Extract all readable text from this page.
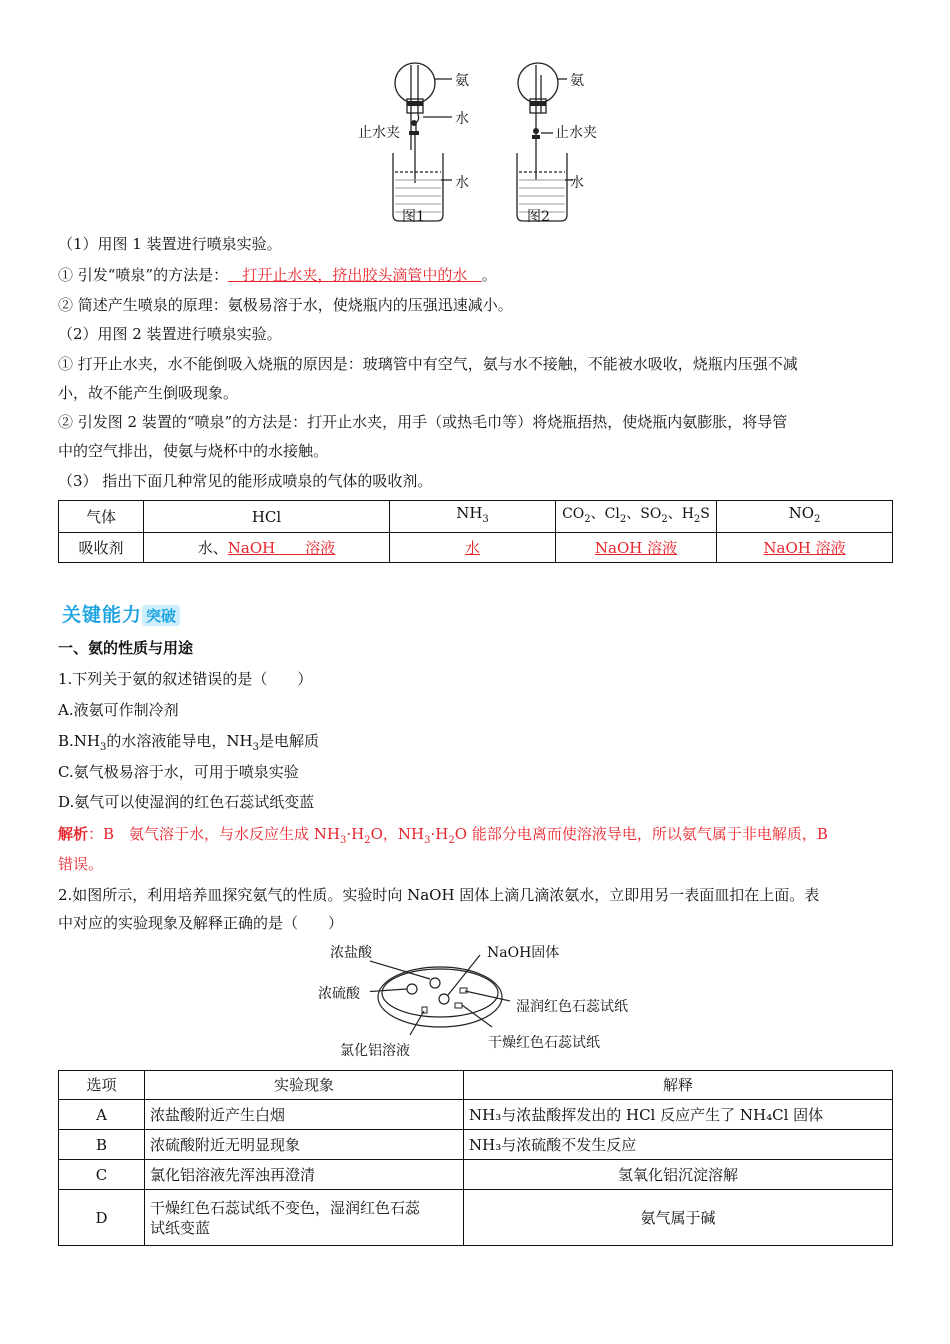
氨
水
止水夹
水
图1
氨
止水夹
水
图2
（1）用图 1 装置进行喷泉实验。
① 引发“喷泉”的方法是： 打开止水夹，挤出胶头滴管中的水 。
② 简述产生喷泉的原理：氨极易溶于水，使烧瓶内的压强迅速减小。
（2）用图 2 装置进行喷泉实验。
① 打开止水夹，水不能倒吸入烧瓶的原因是：玻璃管中有空气，氨与水不接触，不能被水吸收，烧瓶内压强不减
小，故不能产生倒吸现象。
② 引发图 2 装置的“喷泉”的方法是：打开止水夹，用手（或热毛巾等）将烧瓶捂热，使烧瓶内氨膨胀，将导管
中的空气排出，使氨与烧杯中的水接触。
（3） 指出下面几种常见的能形成喷泉的气体的吸收剂。
气体	HCl	$NH_3$	$CO_2$、$Cl_2$、$SO_2$、$H_2S$	$NO_2$
吸收剂	水、NaOH　　溶液	水	NaOH 溶液	NaOH 溶液
关键能力 突破
一、氨的性质与用途
1.下列关于氨的叙述错误的是（　　）
A.液氨可作制冷剂
$B.NH_3$的水溶液能导电，$NH_3$是电解质
C.氨气极易溶于水，可用于喷泉实验
D.氨气可以使湿润的红色石蕊试纸变蓝
解析：B　氨气溶于水，与水反应生成 $NH_3\cdot H_2O$，$NH_3\cdot H_2O$ 能部分电离而使溶液导电，所以氨气属于非电解质，B
错误。
2.如图所示，利用培养皿探究氨气的性质。实验时向 NaOH 固体上滴几滴浓氨水，立即用另一表面皿扣在上面。表
中对应的实验现象及解释正确的是（　　）
浓盐酸	NaOH固体
浓硫酸
湿润红色石蕊试纸
干燥红色石蕊试纸
氯化铝溶液
选项	实验现象	解释
A	浓盐酸附近产生白烟	NH₃与浓盐酸挥发出的 HCl 反应产生了 NH₄Cl 固体
B	浓硫酸附近无明显现象	NH₃与浓硫酸不发生反应
C	氯化铝溶液先浑浊再澄清	氢氧化铝沉淀溶解
D	干燥红色石蕊试纸不变色，湿润红色石蕊
试纸变蓝	氨气属于碱
